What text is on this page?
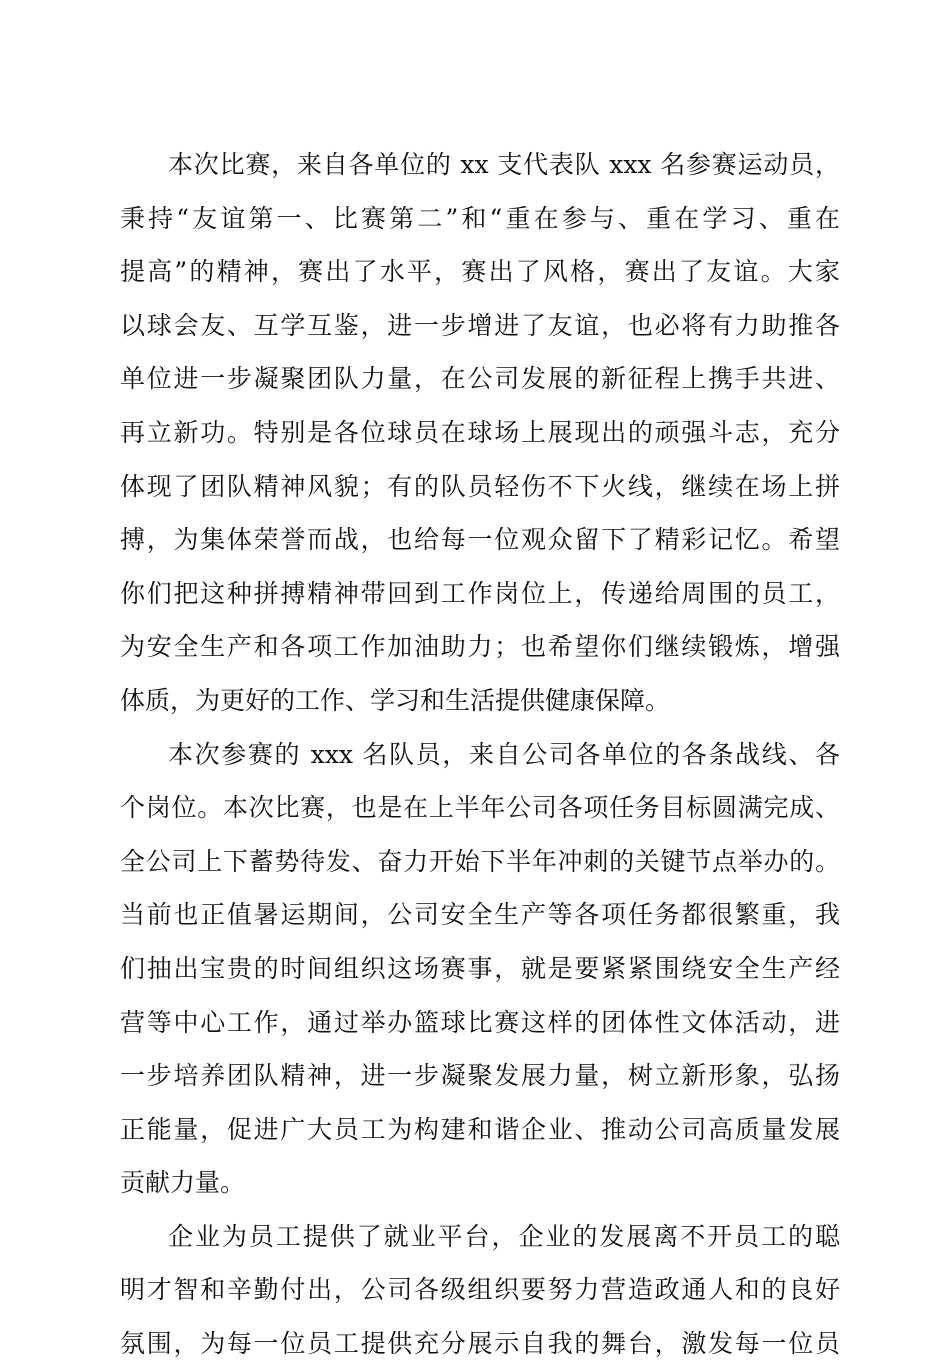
本次比赛，来自各单位的 xx 支代表队 xxx 名参赛运动员，
秉持“友谊第一、比赛第二”和“重在参与、重在学习、重在
提高”的精神，赛出了水平，赛出了风格，赛出了友谊。大家
以球会友、互学互鉴，进一步增进了友谊，也必将有力助推各
单位进一步凝聚团队力量，在公司发展的新征程上携手共进、
再立新功。特别是各位球员在球场上展现出的顽强斗志，充分
体现了团队精神风貌；有的队员轻伤不下火线，继续在场上拼
搏，为集体荣誉而战，也给每一位观众留下了精彩记忆。希望
你们把这种拼搏精神带回到工作岗位上，传递给周围的员工，
为安全生产和各项工作加油助力；也希望你们继续锻炼，增强
体质，为更好的工作、学习和生活提供健康保障。
本次参赛的 xxx 名队员，来自公司各单位的各条战线、各
个岗位。本次比赛，也是在上半年公司各项任务目标圆满完成、
全公司上下蓄势待发、奋力开始下半年冲刺的关键节点举办的。
当前也正值暑运期间，公司安全生产等各项任务都很繁重，我
们抽出宝贵的时间组织这场赛事，就是要紧紧围绕安全生产经
营等中心工作，通过举办篮球比赛这样的团体性文体活动，进
一步培养团队精神，进一步凝聚发展力量，树立新形象，弘扬
正能量，促进广大员工为构建和谐企业、推动公司高质量发展
贡献力量。
企业为员工提供了就业平台，企业的发展离不开员工的聪
明才智和辛勤付出，公司各级组织要努力营造政通人和的良好
氛围，为每一位员工提供充分展示自我的舞台，激发每一位员
